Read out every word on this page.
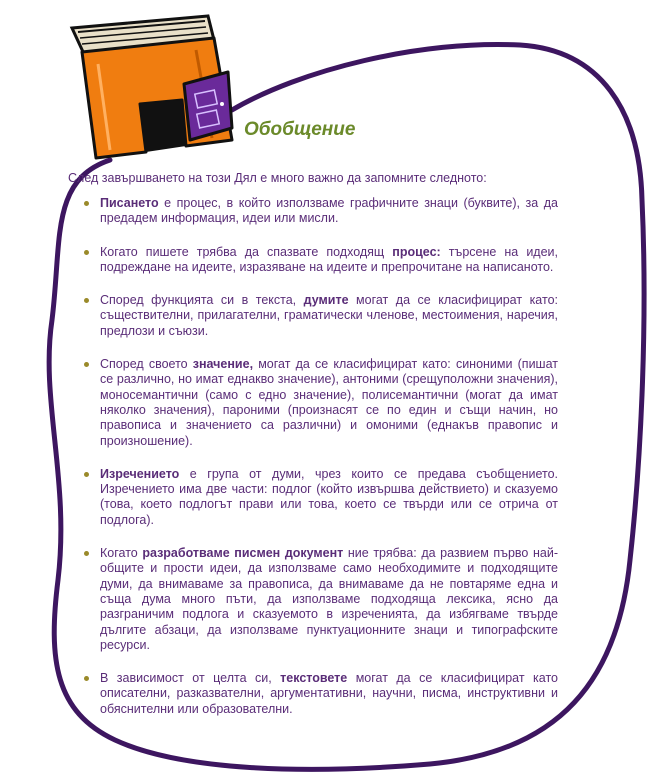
Обобщение
След завършването на този Дял е много важно да запомните следното:
Писането е процес, в който използваме графичните знаци (буквите), за да предадем информация, идеи или мисли.
Когато пишете трябва да спазвате подходящ процес: търсене на идеи, подреждане на идеите, изразяване на идеите и препрочитане на написаното.
Според функцията си в текста, думите могат да се класифицират като: съществителни, прилагателни, граматически членове, местоимения, наречия, предлози и съюзи.
Според своето значение, могат да се класифицират като: синоними (пишат се различно, но имат еднакво значение), антоними (срещуположни значения), моносемантични (само с едно значение), полисемантични (могат да имат няколко значения), пароними (произнасят се по един и същи начин, но правописа и значението са различни) и омоними (еднакъв правопис и произношение).
Изречението е група от думи, чрез които се предава съобщението. Изречението има две части: подлог (който извършва действието) и сказуемо (това, което подлогът прави или това, което се твърди или се отрича от подлога).
Когато разработваме писмен документ ние трябва: да развием първо най-общите и прости идеи, да използваме само необходимите и подходящите думи, да внимаваме за правописа, да внимаваме да не повтаряме една и съща дума много пъти, да използваме подходяща лексика, ясно да разграничим подлога и сказуемото в изреченията, да избягваме твърде дългите абзаци, да използваме пунктуационните знаци и типографските ресурси.
В зависимост от целта си, текстовете могат да се класифицират като описателни, разказвателни, аргументативни, научни, писма, инструктивни и обяснителни или образователни.
